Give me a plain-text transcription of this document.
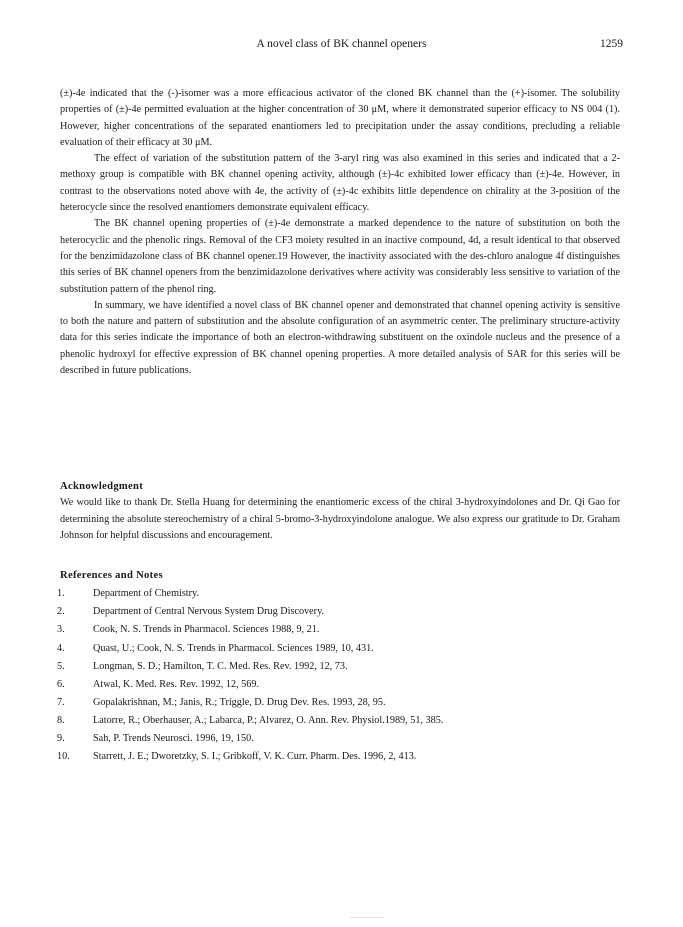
A novel class of BK channel openers	1259

(±)-4e indicated that the (-)-isomer was a more efficacious activator of the cloned BK channel than the (+)-isomer. The solubility properties of (±)-4e permitted evaluation at the higher concentration of 30 μM, where it demonstrated superior efficacy to NS 004 (1). However, higher concentrations of the separated enantiomers led to precipitation under the assay conditions, precluding a reliable evaluation of their efficacy at 30 μM.

The effect of variation of the substitution pattern of the 3-aryl ring was also examined in this series and indicated that a 2-methoxy group is compatible with BK channel opening activity, although (±)-4c exhibited lower efficacy than (±)-4e. However, in contrast to the observations noted above with 4e, the activity of (±)-4c exhibits little dependence on chirality at the 3-position of the heterocycle since the resolved enantiomers demonstrate equivalent efficacy.

The BK channel opening properties of (±)-4e demonstrate a marked dependence to the nature of substitution on both the heterocyclic and the phenolic rings. Removal of the CF3 moiety resulted in an inactive compound, 4d, a result identical to that observed for the benzimidazolone class of BK channel opener.19 However, the inactivity associated with the des-chloro analogue 4f distinguishes this series of BK channel openers from the benzimidazolone derivatives where activity was considerably less sensitive to variation of the substitution pattern of the phenol ring.

In summary, we have identified a novel class of BK channel opener and demonstrated that channel opening activity is sensitive to both the nature and pattern of substitution and the absolute configuration of an asymmetric center. The preliminary structure-activity data for this series indicate the importance of both an electron-withdrawing substituent on the oxindole nucleus and the presence of a phenolic hydroxyl for effective expression of BK channel opening properties. A more detailed analysis of SAR for this series will be described in future publications.

Acknowledgment

We would like to thank Dr. Stella Huang for determining the enantiomeric excess of the chiral 3-hydroxyindolones and Dr. Qi Gao for determining the absolute stereochemistry of a chiral 5-bromo-3-hydroxyindolone analogue. We also express our gratitude to Dr. Graham Johnson for helpful discussions and encouragement.

References and Notes
1.	Department of Chemistry.
2.	Department of Central Nervous System Drug Discovery.
3.	Cook, N. S. Trends in Pharmacol. Sciences 1988, 9, 21.
4.	Quast, U.; Cook, N. S. Trends in Pharmacol. Sciences 1989, 10, 431.
5.	Longman, S. D.; Hamilton, T. C. Med. Res. Rev. 1992, 12, 73.
6.	Atwal, K. Med. Res. Rev. 1992, 12, 569.
7.	Gopalakrishnan, M.; Janis, R.; Triggle, D. Drug Dev. Res. 1993, 28, 95.
8.	Latorre, R.; Oberhauser, A.; Labarca, P.; Alvarez, O. Ann. Rev. Physiol.1989, 51, 385.
9.	Sah, P. Trends Neurosci. 1996, 19, 150.
10.	Starrett, J. E.; Dworetzky, S. I.; Gribkoff, V. K. Curr. Pharm. Des. 1996, 2, 413.
